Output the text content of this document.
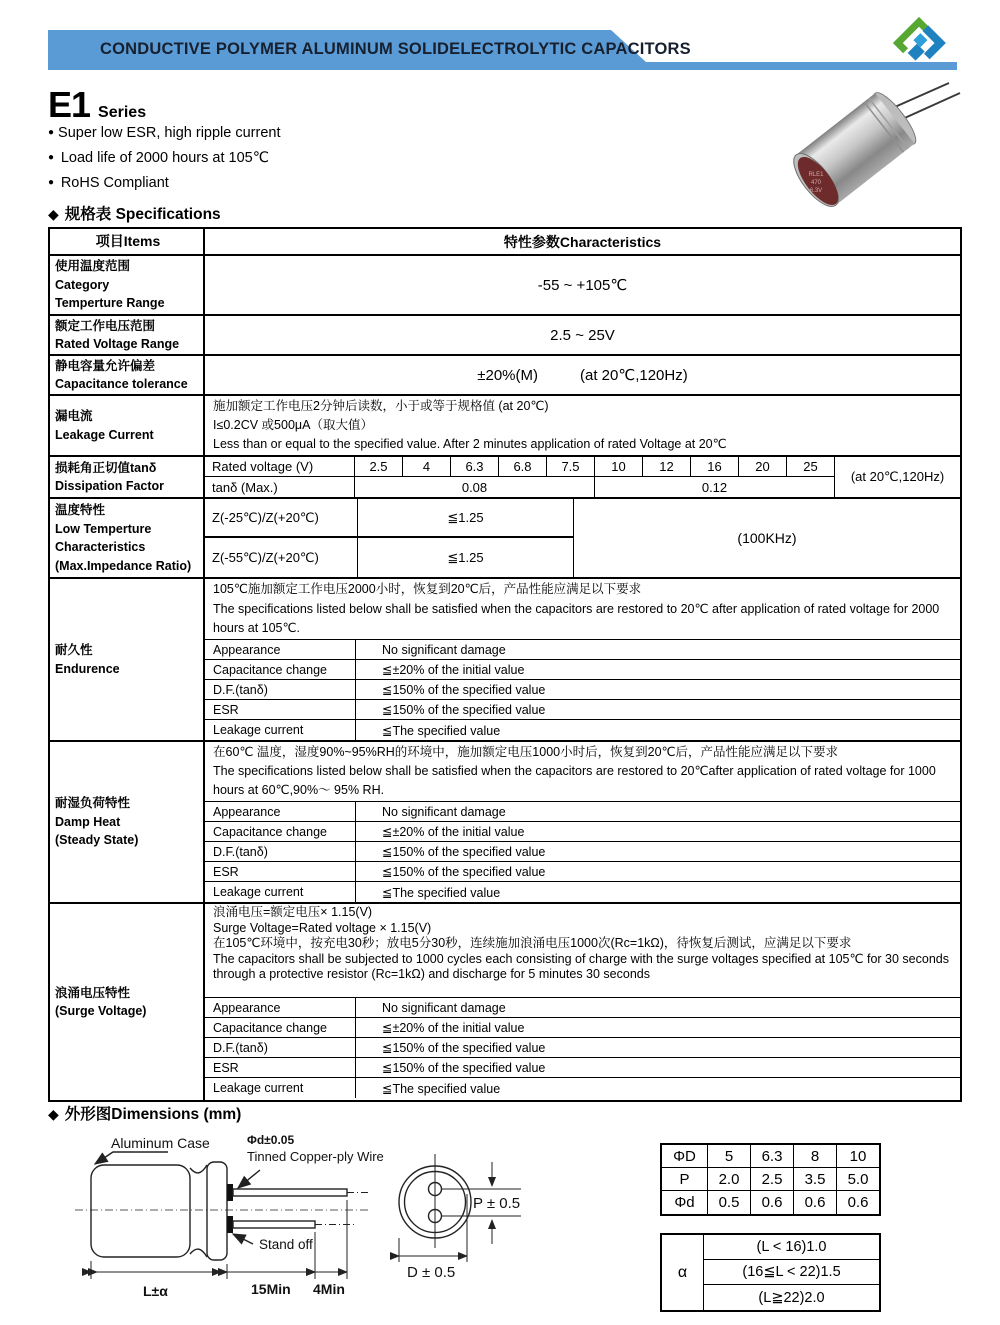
CONDUCTIVE POLYMER ALUMINUM SOLIDELECTROLYTIC CAPACITORS
RLE1
470
6.3V
E1 Series
● Super low ESR, high ripple current
● Load life of 2000 hours at 105℃
● RoHS Compliant
◆ 规格表 Specifications
项目Items	特性参数Characteristics
使用温度范围
Category
Temperture Range
-55 ~ +105℃
额定工作电压范围
Rated Voltage Range
2.5 ~ 25V
静电容量允许偏差
Capacitance tolerance
±20%(M)	(at 20℃,120Hz)
漏电流
Leakage Current
施加额定工作电压2分钟后读数，小于或等于规格值 (at 20℃)
I≤0.2CV 或500μA（取大值）
Less than or equal to the specified value. After 2 minutes application of rated Voltage at 20℃
损耗角正切值tanδ
Dissipation Factor
Rated voltage (V)	2.5	4	6.3	6.8	7.5	10	12	16	20	25
(at 20℃,120Hz)
tanδ (Max.)	0.08	0.12
温度特性
Low Temperture
Characteristics
(Max.Impedance Ratio)
Z(-25℃)/Z(+20℃)	≦1.25
(100KHz)
Z(-55℃)/Z(+20℃)	≦1.25
耐久性
Endurence
105℃施加额定工作电压2000小时，恢复到20℃后，产品性能应满足以下要求
The specifications listed below shall be satisfied when the capacitors are restored to 20℃ after application of rated voltage for 2000 hours at 105℃.
Appearance	No significant damage
Capacitance change	≦±20% of the initial value
D.F.(tanδ)	≦150% of the specified value
ESR	≦150% of the specified value
Leakage current	≦The specified value
耐湿负荷特性
Damp Heat
(Steady State)
在60℃ 温度，湿度90%~95%RH的环境中，施加额定电压1000小时后，恢复到20℃后，产品性能应满足以下要求
The specifications listed below shall be satisfied when the capacitors are restored to 20℃after application of rated voltage for 1000 hours at 60℃,90%～ 95% RH.
Appearance	No significant damage
Capacitance change	≦±20% of the initial value
D.F.(tanδ)	≦150% of the specified value
ESR	≦150% of the specified value
Leakage current	≦The specified value
浪涌电压特性
(Surge Voltage)
浪涌电压=额定电压× 1.15(V)
Surge Voltage=Rated voltage × 1.15(V)
在105℃环境中，按充电30秒；放电5分30秒，连续施加浪涌电压1000次(Rc=1kΩ)，待恢复后测试，应满足以下要求
The capacitors shall be subjected to 1000 cycles each consisting of charge with the surge voltages specified at 105℃ for 30 seconds through a protective resistor (Rc=1kΩ) and discharge for 5 minutes 30 seconds
Appearance	No significant damage
Capacitance change	≦±20% of the initial value
D.F.(tanδ)	≦150% of the specified value
ESR	≦150% of the specified value
Leakage current	≦The specified value
◆ 外形图Dimensions (mm)
Aluminum Case	Φd±0.05
Tinned Copper-ply Wire
Stand off
L±α	15Min 4Min
P ± 0.5
D ± 0.5
ΦD	5	6.3	8	10
P	2.0	2.5	3.5	5.0
Φd	0.5	0.6	0.6	0.6
α
(L < 16)1.0
(16≦L < 22)1.5
(L≧22)2.0
